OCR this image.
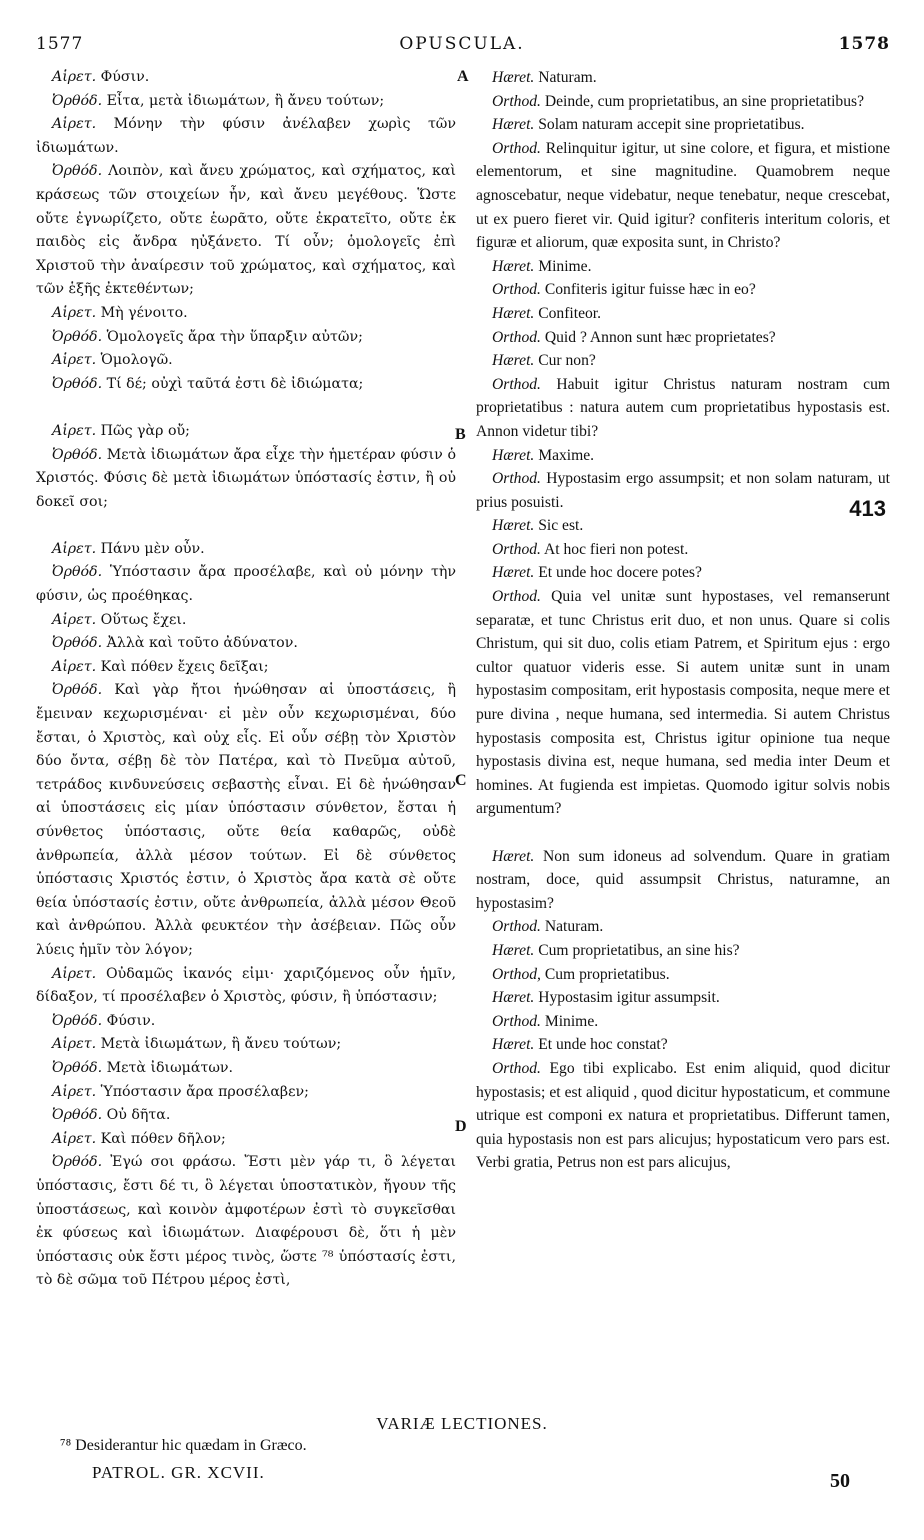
1577	OPUSCULA.	1578

Αἱρετ. Φύσιν.

Ὀρθόδ. Εἶτα, μετὰ ἰδιωμάτων, ἢ ἄνευ τούτων;

Αἱρετ. Μόνην τὴν φύσιν ἀνέλαβεν χωρὶς τῶν ἰδιωμάτων.

Ὀρθόδ. Λοιπὸν, καὶ ἄνευ χρώματος, καὶ σχήματος, καὶ κράσεως τῶν στοιχείων ἦν, καὶ ἄνευ μεγέθους. Ὥστε οὔτε ἐγνωρίζετο, οὔτε ἑωρᾶτο, οὔτε ἐκρατεῖτο, οὔτε ἐκ παιδὸς εἰς ἄνδρα ηὐξάνετο. Τί οὖν; ὁμολογεῖς ἐπὶ Χριστοῦ τὴν ἀναίρεσιν τοῦ χρώματος, καὶ σχήματος, καὶ τῶν ἑξῆς ἐκτεθέντων;

Αἱρετ. Μὴ γένοιτο.

Ὀρθόδ. Ὁμολογεῖς ἄρα τὴν ὕπαρξιν αὐτῶν;

Αἱρετ. Ὁμολογῶ.

Ὀρθόδ. Τί δέ; οὐχὶ ταῦτά ἐστι δὲ ἰδιώματα;

Αἱρετ. Πῶς γὰρ οὔ;

Ὀρθόδ. Μετὰ ἰδιωμάτων ἄρα εἶχε τὴν ἡμετέραν φύσιν ὁ Χριστός. Φύσις δὲ μετὰ ἰδιωμάτων ὑπόστασίς ἐστιν, ἢ οὐ δοκεῖ σοι;

Αἱρετ. Πάνυ μὲν οὖν.

Ὀρθόδ. Ὑπόστασιν ἄρα προσέλαβε, καὶ οὐ μόνην τὴν φύσιν, ὡς προέθηκας.

Αἱρετ. Οὕτως ἔχει.

Ὀρθόδ. Ἀλλὰ καὶ τοῦτο ἀδύνατον.

Αἱρετ. Καὶ πόθεν ἔχεις δεῖξαι;

Ὀρθόδ. Καὶ γὰρ ἤτοι ἡνώθησαν αἱ ὑποστάσεις, ἢ ἔμειναν κεχωρισμέναι· εἰ μὲν οὖν κεχωρισμέναι, δύο ἔσται, ὁ Χριστὸς, καὶ οὐχ εἷς. Εἰ οὖν σέβῃ τὸν Χριστὸν δύο ὄντα, σέβῃ δὲ τὸν Πατέρα, καὶ τὸ Πνεῦμα αὐτοῦ, τετράδος κινδυνεύσεις σεβαστὴς εἶναι. Εἰ δὲ ἡνώθησαν αἱ ὑποστάσεις εἰς μίαν ὑπόστασιν σύνθετον, ἔσται ἡ σύνθετος ὑπόστασις, οὔτε θεία καθαρῶς, οὐδὲ ἀνθρωπεία, ἀλλὰ μέσον τούτων. Εἰ δὲ σύνθετος ὑπόστασις Χριστός ἐστιν, ὁ Χριστὸς ἄρα κατὰ σὲ οὔτε θεία ὑπόστασίς ἐστιν, οὔτε ἀνθρωπεία, ἀλλὰ μέσον Θεοῦ καὶ ἀνθρώπου. Ἀλλὰ φευκτέον τὴν ἀσέβειαν. Πῶς οὖν λύεις ἡμῖν τὸν λόγον;

Αἱρετ. Οὐδαμῶς ἱκανός εἰμι· χαριζόμενος οὖν ἡμῖν, δίδαξον, τί προσέλαβεν ὁ Χριστὸς, φύσιν, ἢ ὑπόστασιν;

Ὀρθόδ. Φύσιν.

Αἱρετ. Μετὰ ἰδιωμάτων, ἢ ἄνευ τούτων;

Ὀρθόδ. Μετὰ ἰδιωμάτων.

Αἱρετ. Ὑπόστασιν ἄρα προσέλαβεν;

Ὀρθόδ. Οὐ δῆτα.

Αἱρετ. Καὶ πόθεν δῆλον;

Ὀρθόδ. Ἐγώ σοι φράσω. Ἔστι μὲν γάρ τι, ὃ λέγεται ὑπόστασις, ἔστι δέ τι, ὃ λέγεται ὑποστατικὸν, ἤγουν τῆς ὑποστάσεως, καὶ κοινὸν ἀμφοτέρων ἐστὶ τὸ συγκεῖσθαι ἐκ φύσεως καὶ ἰδιωμάτων. Διαφέρουσι δὲ, ὅτι ἡ μὲν ὑπόστασις οὐκ ἔστι μέρος τινὸς, ὥστε ⁷⁸ ὑπόστασίς ἐστι, τὸ δὲ σῶμα τοῦ Πέτρου μέρος ἐστὶ,

Hæret. Naturam.

Orthod. Deinde, cum proprietatibus, an sine proprietatibus?

Hæret. Solam naturam accepit sine proprietatibus.

Orthod. Relinquitur igitur, ut sine colore, et figura, et mistione elementorum, et sine magnitudine. Quamobrem neque agnoscebatur, neque videbatur, neque tenebatur, neque crescebat, ut ex puero fieret vir. Quid igitur? confiteris interitum coloris, et figuræ et aliorum, quæ exposita sunt, in Christo?

Hæret. Minime.

Orthod. Confiteris igitur fuisse hæc in eo?

Hæret. Confiteor.

Orthod. Quid ? Annon sunt hæc proprietates?

Hæret. Cur non?

Orthod. Habuit igitur Christus naturam nostram cum proprietatibus : natura autem cum proprietatibus hypostasis est. Annon videtur tibi?

Hæret. Maxime.

Orthod. Hypostasim ergo assumpsit; et non solam naturam, ut prius posuisti.

Hæret. Sic est.

Orthod. At hoc fieri non potest.

Hæret. Et unde hoc docere potes?

Orthod. Quia vel unitæ sunt hypostases, vel remanserunt separatæ, et tunc Christus erit duo, et non unus. Quare si colis Christum, qui sit duo, colis etiam Patrem, et Spiritum ejus : ergo cultor quatuor videris esse. Si autem unitæ sunt in unam hypostasim compositam, erit hypostasis composita, neque mere et pure divina , neque humana, sed intermedia. Si autem Christus hypostasis composita est, Christus igitur opinione tua neque hypostasis divina est, neque humana, sed media inter Deum et homines. At fugienda est impietas. Quomodo igitur solvis nobis argumentum?

Hæret. Non sum idoneus ad solvendum. Quare in gratiam nostram, doce, quid assumpsit Christus, naturamne, an hypostasim?

Orthod. Naturam.

Hæret. Cum proprietatibus, an sine his?

Orthod, Cum proprietatibus.

Hæret. Hypostasim igitur assumpsit.

Orthod. Minime.

Hæret. Et unde hoc constat?

Orthod. Ego tibi explicabo. Est enim aliquid, quod dicitur hypostasis; et est aliquid , quod dicitur hypostaticum, et commune utrique est componi ex natura et proprietatibus. Differunt tamen, quia hypostasis non est pars alicujus; hypostaticum vero pars est. Verbi gratia, Petrus non est pars alicujus,

A
B
C
D
413
VARIÆ LECTIONES.
⁷⁸ Desiderantur hic quædam in Græco.
PATROL. GR. XCVII.	50
